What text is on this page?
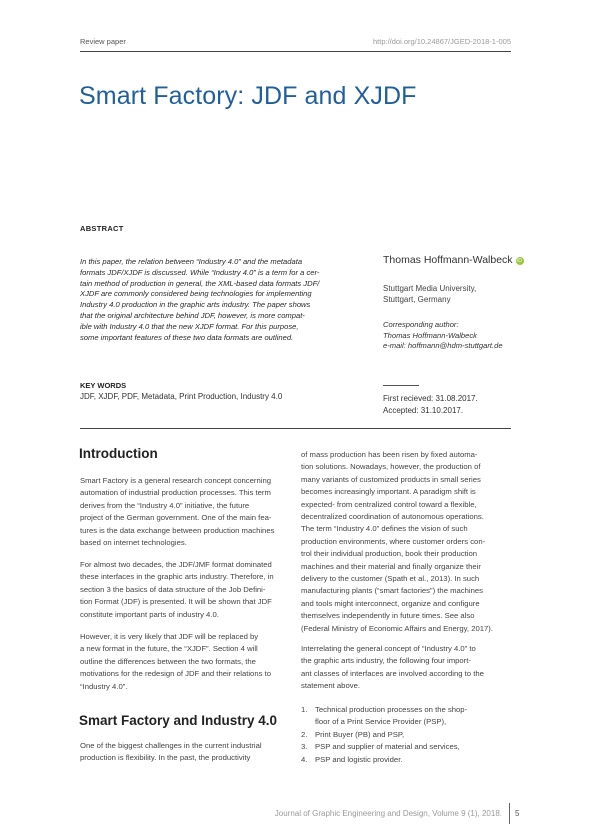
Review paper	http://doi.org/10.24867/JGED-2018-1-005
Smart Factory: JDF and XJDF
ABSTRACT
In this paper, the relation between “Industry 4.0” and the metadata
formats JDF/XJDF is discussed. While “Industry 4.0” is a term for a cer-
tain method of production in general, the XML-based data formats JDF/
XJDF are commonly considered being technologies for implementing
Industry 4.0 production in the graphic arts industry. The paper shows
that the original architecture behind JDF, however, is more compat-
ible with Industry 4.0 that the new XJDF format. For this purpose,
some important features of these two data formats are outlined.
Thomas Hoffmann-Walbeck iD
Stuttgart Media University,
Stuttgart, Germany
Corresponding author:
Thomas Hoffmann-Walbeck
e-mail: hoffmann@hdm-stuttgart.de
KEY WORDS
JDF, XJDF, PDF, Metadata, Print Production, Industry 4.0	First recieved: 31.08.2017.
Accepted: 31.10.2017.
Introduction
Smart Factory is a general research concept concerning
automation of industrial production processes. This term
derives from the “Industry 4.0” initiative, the future
project of the German government. One of the main fea-
tures is the data exchange between production machines
based on internet technologies.
For almost two decades, the JDF/JMF format dominated
these interfaces in the graphic arts industry. Therefore, in
section 3 the basics of data structure of the Job Defini-
tion Format (JDF) is presented. It will be shown that JDF
constitute important parts of industry 4.0.
However, it is very likely that JDF will be replaced by
a new format in the future, the “XJDF”. Section 4 will
outline the differences between the two formats, the
motivations for the redesign of JDF and their relations to
“Industry 4.0”.
Smart Factory and Industry 4.0
One of the biggest challenges in the current industrial
production is flexibility. In the past, the productivity
of mass production has been risen by fixed automa-
tion solutions. Nowadays, however, the production of
many variants of customized products in small series
becomes increasingly important. A paradigm shift is
expected- from centralized control toward a flexible,
decentralized coordination of autonomous operations.
The term “Industry 4.0” defines the vision of such
production environments, where customer orders con-
trol their individual production, book their production
machines and their material and finally organize their
delivery to the customer (Spath et al., 2013). In such
manufacturing plants (“smart factories”) the machines
and tools might interconnect, organize and configure
themselves independently in future times. See also
(Federal Ministry of Economic Affairs and Energy, 2017).
Interrelating the general concept of “Industry 4.0” to
the graphic arts industry, the following four import-
ant classes of interfaces are involved according to the
statement above.
1. Technical production processes on the shop-
floor of a Print Service Provider (PSP),
2. Print Buyer (PB) and PSP,
3. PSP and supplier of material and services,
4. PSP and logistic provider.
Journal of Graphic Engineering and Design, Volume 9 (1), 2018. 5
